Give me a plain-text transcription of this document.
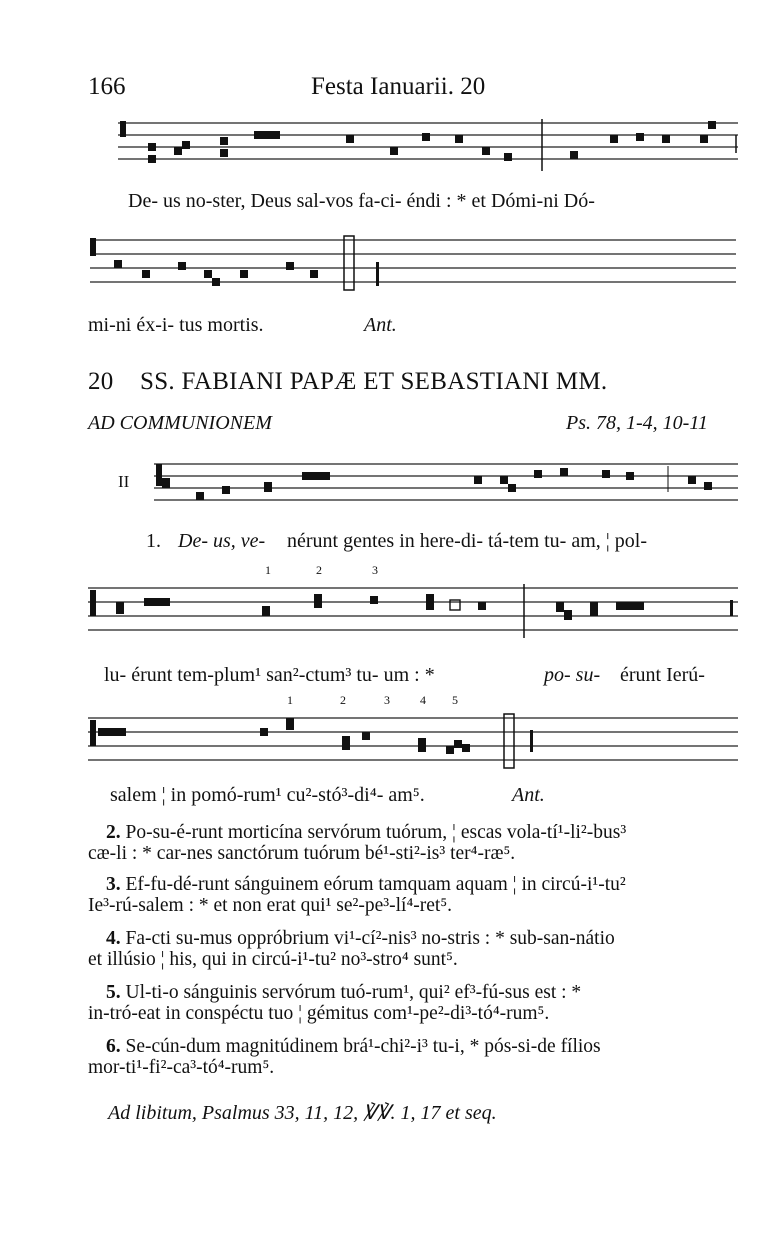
166	Festa Ianuarii. 20
De- us no-ster, Deus sal-vos fa-ci- éndi : * et Dómi-ni Dó-
mi-ni éx-i- tus mortis.	Ant.
20 SS. FABIANI PAPÆ ET SEBASTIANI MM.
AD COMMUNIONEM	Ps. 78, 1-4, 10-11
II
1. De- us, ve- nérunt gentes in here-di- tá-tem tu- am, ¦ pol-
1	2	3
lu- érunt tem-plum¹ san²-ctum³ tu- um : *	po- su- érunt Ierú-
1	2	3	4 5
salem ¦ in pomó-rum¹ cu²-stó³-di⁴- am⁵.	Ant.

2. Po-su-é-runt morticína servórum tuórum, ¦ escas vola-tí¹-li²-bus³

cæ-li : * car-nes sanctórum tuórum bé¹-sti²-is³ ter⁴-ræ⁵.

3. Ef-fu-dé-runt sánguinem eórum tamquam aquam ¦ in circú-i¹-tu²

Ie³-rú-salem : * et non erat qui¹ se²-pe³-lí⁴-ret⁵.

4. Fa-cti su-mus oppróbrium vi¹-cí²-nis³ no-stris : * sub-san-nátio

et illúsio ¦ his, qui in circú-i¹-tu² no³-stro⁴ sunt⁵.

5. Ul-ti-o sánguinis servórum tuó-rum¹, qui² ef³-fú-sus est : *

in-tró-eat in conspéctu tuo ¦ gémitus com¹-pe²-di³-tó⁴-rum⁵.

6. Se-cún-dum magnitúdinem brá¹-chi²-i³ tu-i, * pós-si-de fílios

mor-ti¹-fi²-ca³-tó⁴-rum⁵.

Ad libitum, Psalmus 33, 11, 12, ℣℣. 1, 17 et seq.
